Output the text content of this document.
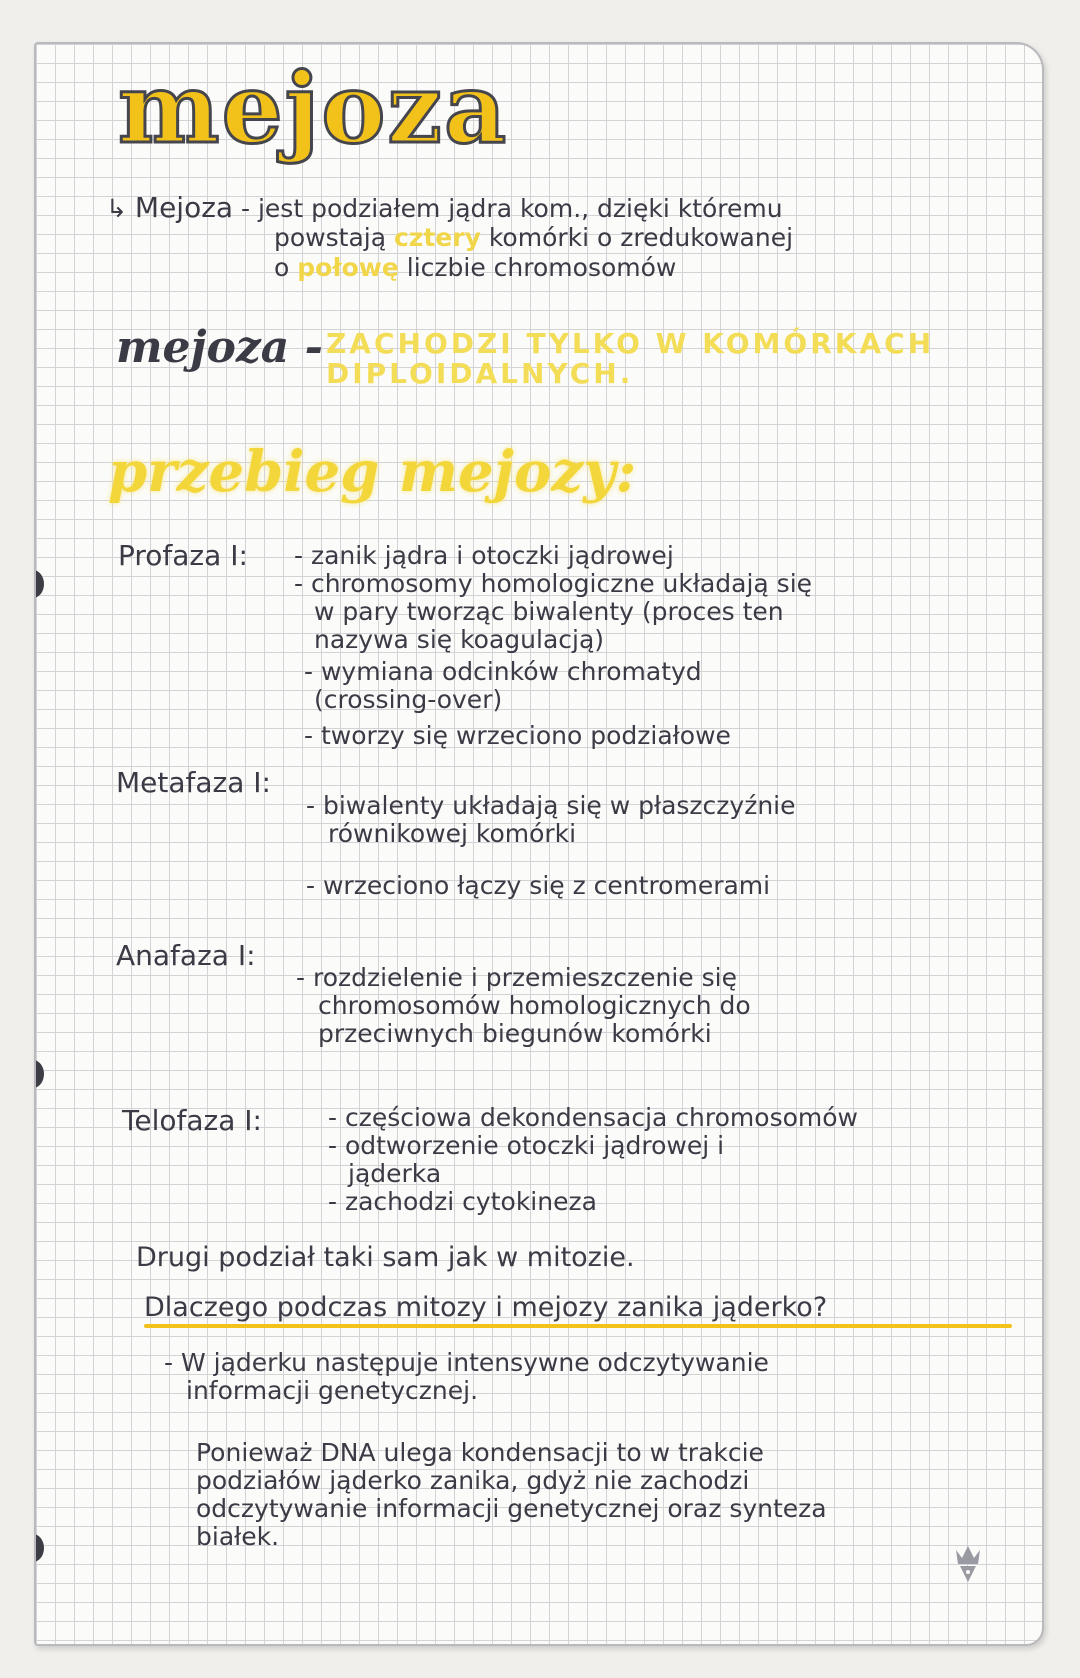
mejoza
↳ Mejoza - jest podziałem jądra kom., dzięki któremu
powstają cztery komórki o zredukowanej
o połowę liczbie chromosomów
mejoza - ZACHODZI TYLKO W KOMÓRKACH
DIPLOIDALNYCH.
przebieg mejozy:
Profaza I: - zanik jądra i otoczki jądrowej
- chromosomy homologiczne układają się
w pary tworząc biwalenty (proces ten
nazywa się koagulacją)
- wymiana odcinków chromatyd
(crossing-over)
- tworzy się wrzeciono podziałowe
Metafaza I:
- biwalenty układają się w płaszczyźnie
równikowej komórki
- wrzeciono łączy się z centromerami
Anafaza I:
- rozdzielenie i przemieszczenie się
chromosomów homologicznych do
przeciwnych biegunów komórki
Telofaza I:	- częściowa dekondensacja chromosomów
- odtworzenie otoczki jądrowej i
jąderka
- zachodzi cytokineza
Drugi podział taki sam jak w mitozie.
Dlaczego podczas mitozy i mejozy zanika jąderko?
- W jąderku następuje intensywne odczytywanie
informacji genetycznej.
Ponieważ DNA ulega kondensacji to w trakcie
podziałów jąderko zanika, gdyż nie zachodzi
odczytywanie informacji genetycznej oraz synteza
białek.
